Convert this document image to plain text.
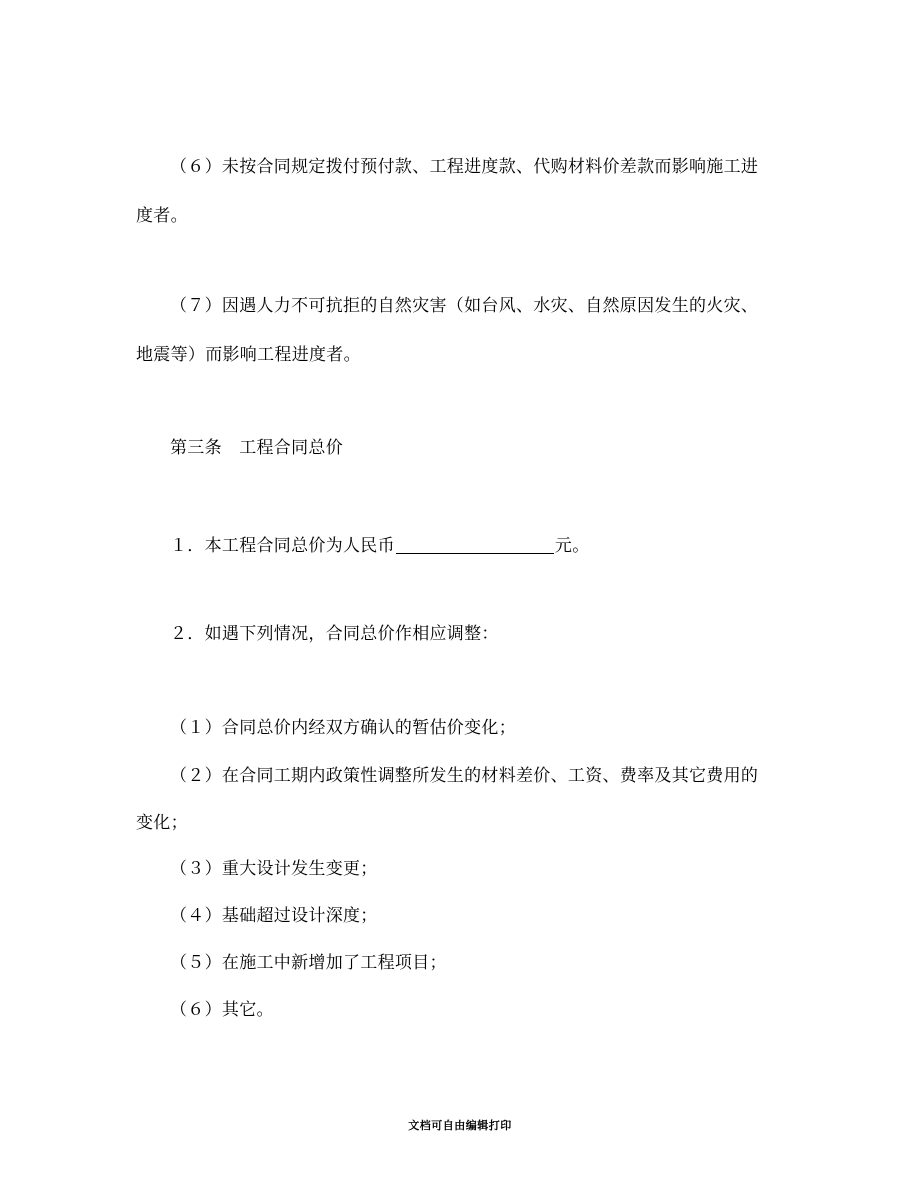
（６）未按合同规定拨付预付款、工程进度款、代购材料价差款而影响施工进
度者。
（７）因遇人力不可抗拒的自然灾害（如台风、水灾、自然原因发生的火灾、
地震等）而影响工程进度者。
第三条　工程合同总价
１．本工程合同总价为人民币	元。
２．如遇下列情况，合同总价作相应调整：
（１）合同总价内经双方确认的暂估价变化；
（２）在合同工期内政策性调整所发生的材料差价、工资、费率及其它费用的
变化；
（３）重大设计发生变更；
（４）基础超过设计深度；
（５）在施工中新增加了工程项目；
（６）其它。
文档可自由编辑打印
